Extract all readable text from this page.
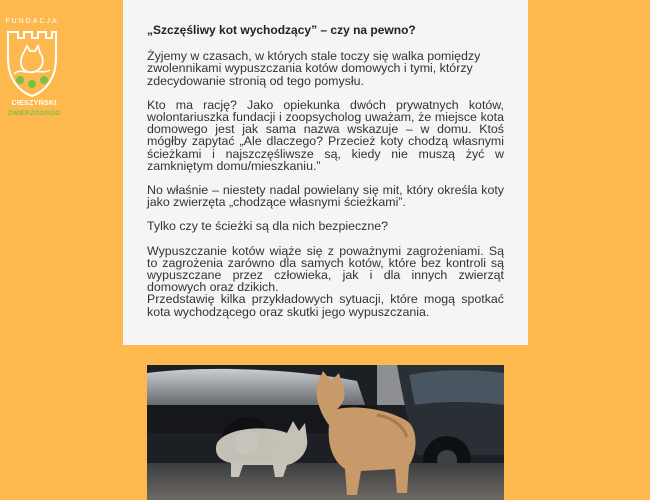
FUNDACJA
CIESZYŃSKI
ZWIERZOGRÓD
„Szczęśliwy kot wychodzący” – czy na pewno?

Żyjemy w czasach, w których stale toczy się walka pomiędzy zwolennikami wypuszczania kotów domowych i tymi, którzy zdecydowanie stronią od tego pomysłu.

Kto ma rację? Jako opiekunka dwóch prywatnych kotów, wolontariuszka fundacji i zoopsycholog uważam, że miejsce kota domowego jest jak sama nazwa wskazuje – w domu. Ktoś mógłby zapytać „Ale dlaczego? Przecież koty chodzą własnymi ścieżkami i najszczęśliwsze są, kiedy nie muszą żyć w zamkniętym domu/mieszkaniu.”

No właśnie – niestety nadal powielany się mit, który określa koty jako zwierzęta „chodzące własnymi ścieżkami”.

Tylko czy te ścieżki są dla nich bezpieczne?

Wypuszczanie kotów wiąże się z poważnymi zagrożeniami. Są to zagrożenia zarówno dla samych kotów, które bez kontroli są wypuszczane przez człowieka, jak i dla innych zwierząt domowych oraz dzikich.

Przedstawię kilka przykładowych sytuacji, które mogą spotkać kota wychodzącego oraz skutki jego wypuszczania.
